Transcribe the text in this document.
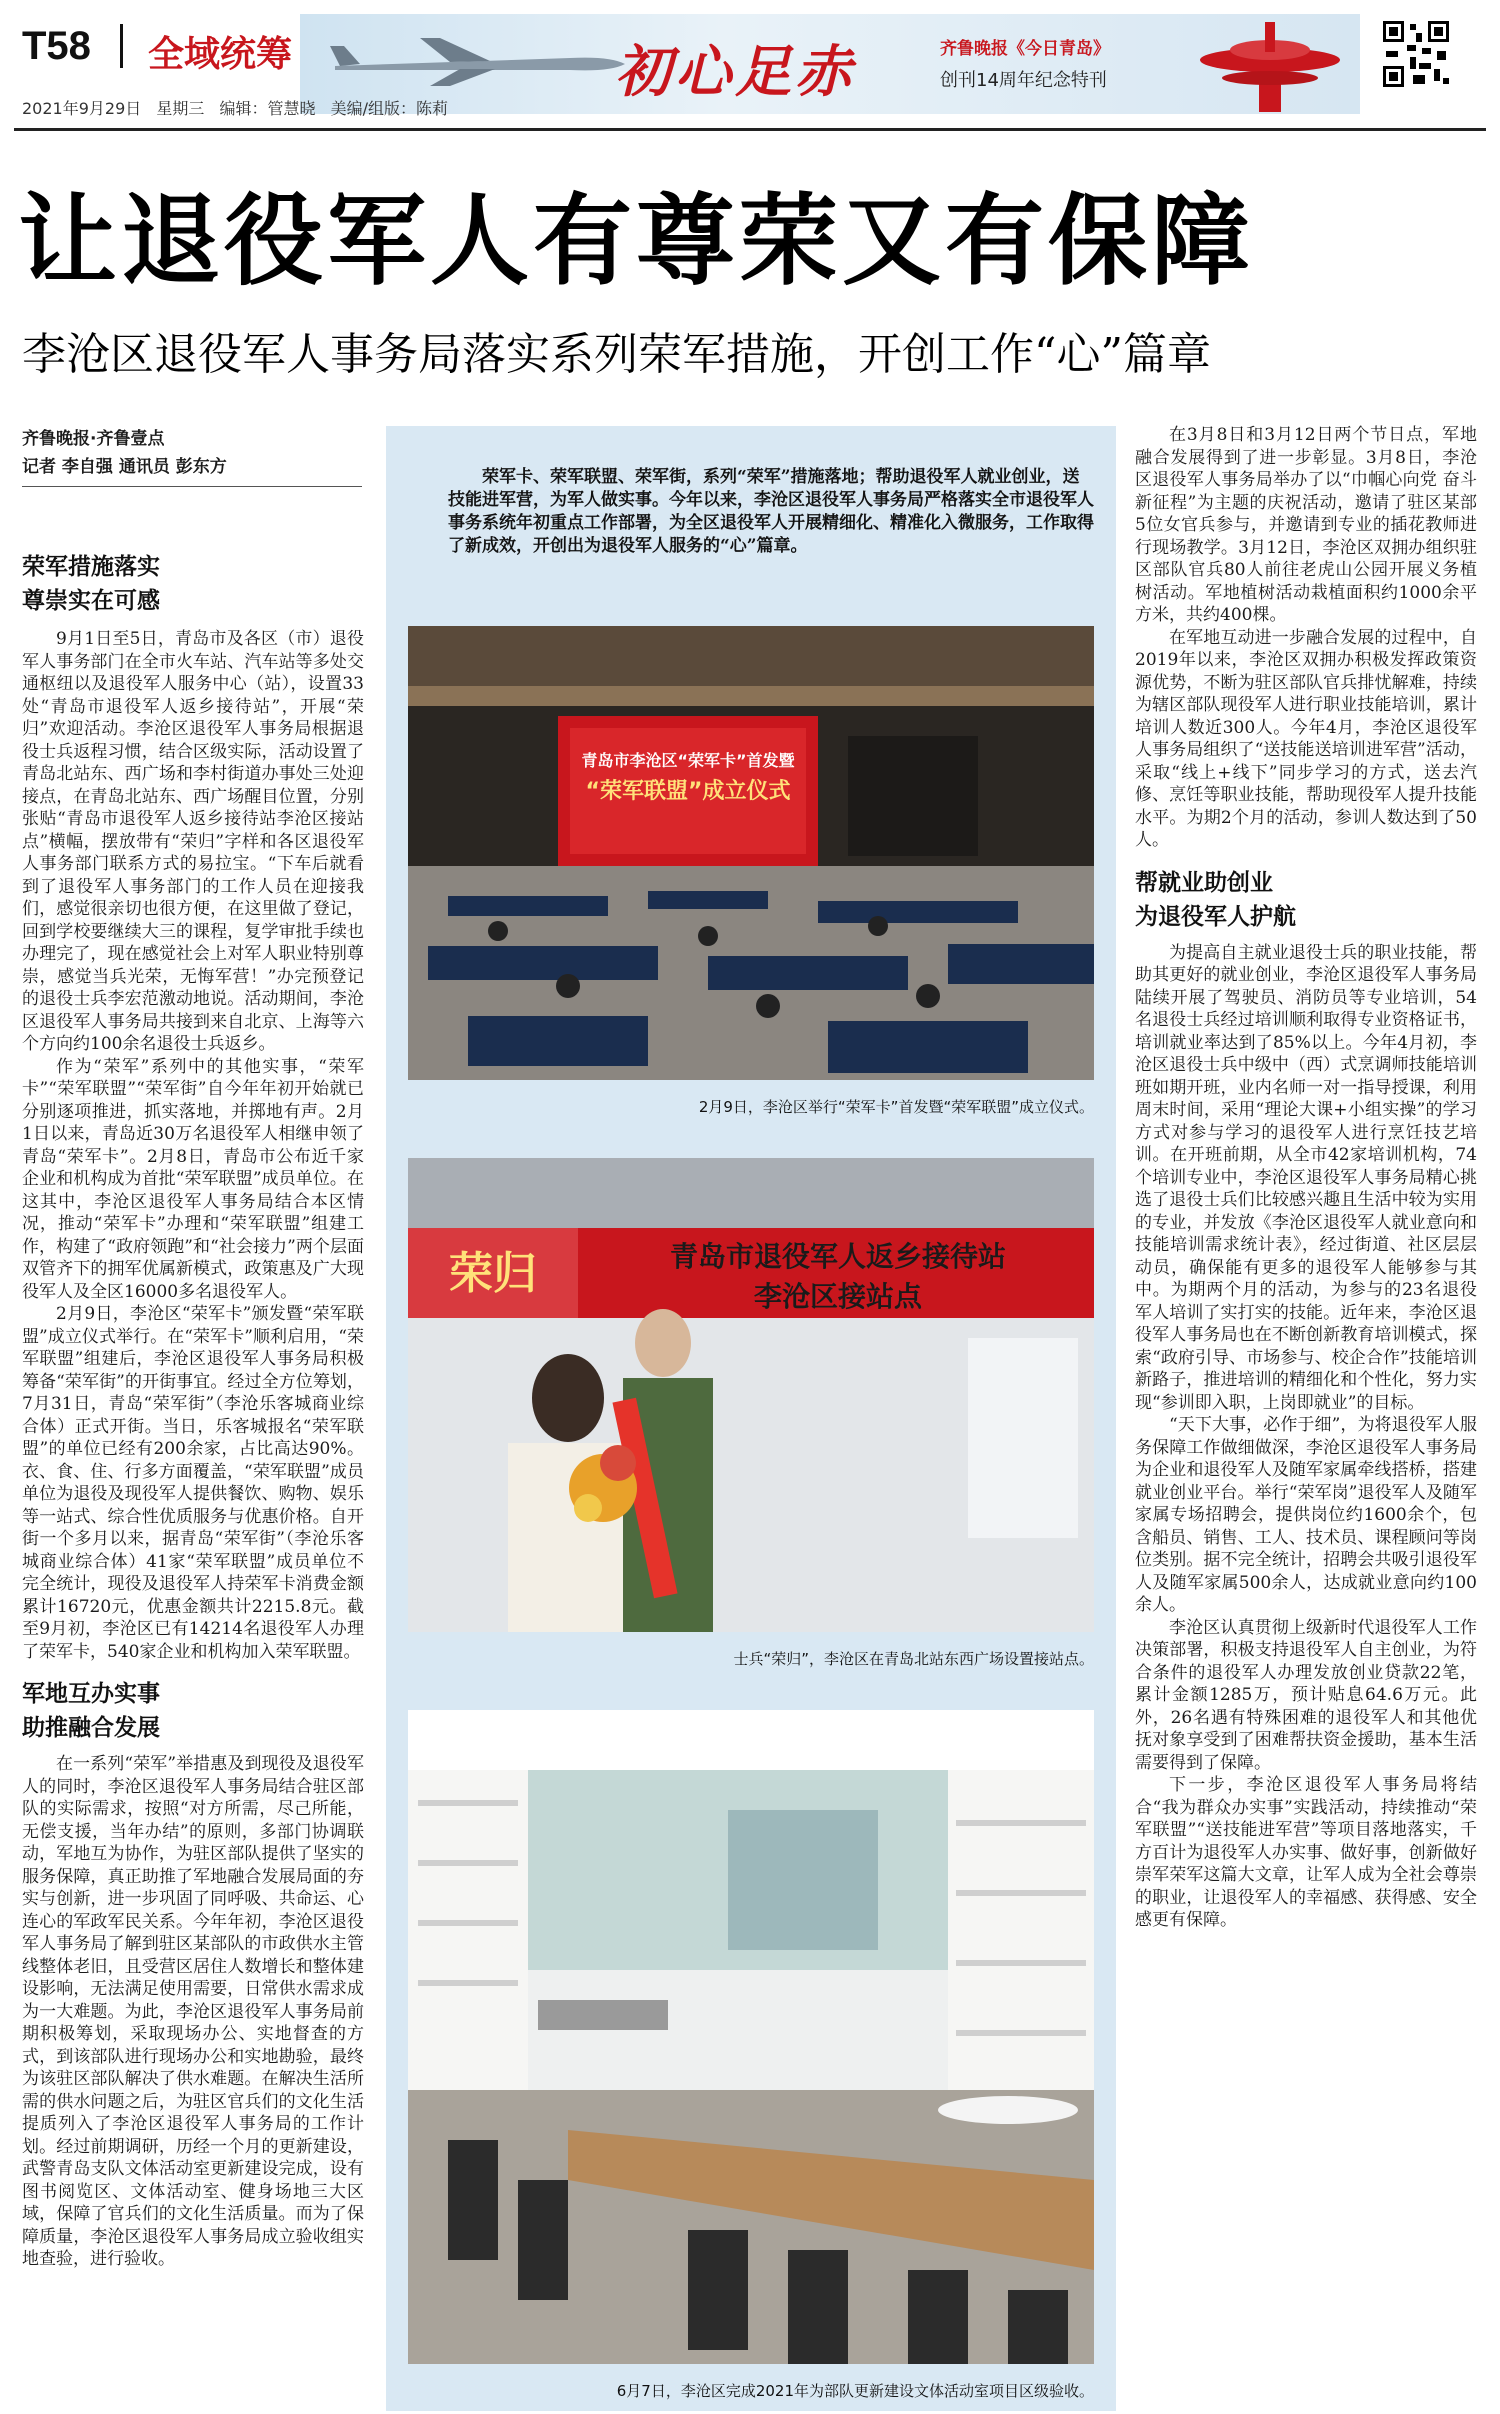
T58 全域统筹	初心足赤	齐鲁晚报《今日青岛》
创刊14周年纪念特刊
2021年9月29日 星期三 编辑：管慧晓 美编/组版：陈莉
让退役军人有尊荣又有保障
李沧区退役军人事务局落实系列荣军措施，开创工作“心”篇章
齐鲁晚报·齐鲁壹点
记者 李自强 通讯员 彭东方
荣军措施落实
尊崇实在可感

9月1日至5日，青岛市及各区（市）退役军人事务部门在全市火车站、汽车站等多处交通枢纽以及退役军人服务中心（站），设置33处“青岛市退役军人返乡接待站”，开展“荣归”欢迎活动。李沧区退役军人事务局根据退役士兵返程习惯，结合区级实际，活动设置了青岛北站东、西广场和李村街道办事处三处迎接点，在青岛北站东、西广场醒目位置，分别张贴“青岛市退役军人返乡接待站李沧区接站点”横幅，摆放带有“荣归”字样和各区退役军人事务部门联系方式的易拉宝。“下车后就看到了退役军人事务部门的工作人员在迎接我们，感觉很亲切也很方便，在这里做了登记，回到学校要继续大三的课程，复学审批手续也办理完了，现在感觉社会上对军人职业特别尊崇，感觉当兵光荣，无悔军营！”办完预登记的退役士兵李宏范激动地说。活动期间，李沧区退役军人事务局共接到来自北京、上海等六个方向约100余名退役士兵返乡。

作为“荣军”系列中的其他实事，“荣军卡”“荣军联盟”“荣军街”自今年年初开始就已分别逐项推进，抓实落地，并掷地有声。2月1日以来，青岛近30万名退役军人相继申领了青岛“荣军卡”。2月8日，青岛市公布近千家企业和机构成为首批“荣军联盟”成员单位。在这其中，李沧区退役军人事务局结合本区情况，推动“荣军卡”办理和“荣军联盟”组建工作，构建了“政府领跑”和“社会接力”两个层面双管齐下的拥军优属新模式，政策惠及广大现役军人及全区16000多名退役军人。

2月9日，李沧区“荣军卡”颁发暨“荣军联盟”成立仪式举行。在“荣军卡”顺利启用，“荣军联盟”组建后，李沧区退役军人事务局积极筹备“荣军街”的开街事宜。经过全方位筹划，7月31日，青岛“荣军街”（李沧乐客城商业综合体）正式开街。当日，乐客城报名“荣军联盟”的单位已经有200余家，占比高达90%。衣、食、住、行多方面覆盖，“荣军联盟”成员单位为退役及现役军人提供餐饮、购物、娱乐等一站式、综合性优质服务与优惠价格。自开街一个多月以来，据青岛“荣军街”（李沧乐客城商业综合体）41家“荣军联盟”成员单位不完全统计，现役及退役军人持荣军卡消费金额累计16720元，优惠金额共计2215.8元。截至9月初，李沧区已有14214名退役军人办理了荣军卡，540家企业和机构加入荣军联盟。

军地互办实事
助推融合发展

在一系列“荣军”举措惠及到现役及退役军人的同时，李沧区退役军人事务局结合驻区部队的实际需求，按照“对方所需，尽己所能，无偿支援，当年办结”的原则，多部门协调联动，军地互为协作，为驻区部队提供了坚实的服务保障，真正助推了军地融合发展局面的夯实与创新，进一步巩固了同呼吸、共命运、心连心的军政军民关系。今年年初，李沧区退役军人事务局了解到驻区某部队的市政供水主管线整体老旧，且受营区居住人数增长和整体建设影响，无法满足使用需要，日常供水需求成为一大难题。为此，李沧区退役军人事务局前期积极筹划，采取现场办公、实地督查的方式，到该部队进行现场办公和实地勘验，最终为该驻区部队解决了供水难题。在解决生活所需的供水问题之后，为驻区官兵们的文化生活提质列入了李沧区退役军人事务局的工作计划。经过前期调研，历经一个月的更新建设，武警青岛支队文体活动室更新建设完成，设有图书阅览区、文体活动室、健身场地三大区域，保障了官兵们的文化生活质量。而为了保障质量，李沧区退役军人事务局成立验收组实地查验，进行验收。

荣军卡、荣军联盟、荣军街，系列“荣军”措施落地；帮助退役军人就业创业，送技能进军营，为军人做实事。今年以来，李沧区退役军人事务局严格落实全市退役军人事务系统年初重点工作部署，为全区退役军人开展精细化、精准化入微服务，工作取得了新成效，开创出为退役军人服务的“心”篇章。
青岛市李沧区“荣军卡”首发暨
“荣军联盟”成立仪式
2月9日，李沧区举行“荣军卡”首发暨“荣军联盟”成立仪式。
荣归	青岛市退役军人返乡接待站
李沧区接站点
士兵“荣归”，李沧区在青岛北站东西广场设置接站点。
6月7日，李沧区完成2021年为部队更新建设文体活动室项目区级验收。

在3月8日和3月12日两个节日点，军地融合发展得到了进一步彰显。3月8日，李沧区退役军人事务局举办了以“巾帼心向党 奋斗新征程”为主题的庆祝活动，邀请了驻区某部5位女官兵参与，并邀请到专业的插花教师进行现场教学。3月12日，李沧区双拥办组织驻区部队官兵80人前往老虎山公园开展义务植树活动。军地植树活动栽植面积约1000余平方米，共约400棵。

在军地互动进一步融合发展的过程中，自2019年以来，李沧区双拥办积极发挥政策资源优势，不断为驻区部队官兵排忧解难，持续为辖区部队现役军人进行职业技能培训，累计培训人数近300人。今年4月，李沧区退役军人事务局组织了“送技能送培训进军营”活动，采取“线上+线下”同步学习的方式，送去汽修、烹饪等职业技能，帮助现役军人提升技能水平。为期2个月的活动，参训人数达到了50人。

帮就业助创业
为退役军人护航

为提高自主就业退役士兵的职业技能，帮助其更好的就业创业，李沧区退役军人事务局陆续开展了驾驶员、消防员等专业培训，54名退役士兵经过培训顺利取得专业资格证书，培训就业率达到了85%以上。今年4月初，李沧区退役士兵中级中（西）式烹调师技能培训班如期开班，业内名师一对一指导授课，利用周末时间，采用“理论大课+小组实操”的学习方式对参与学习的退役军人进行烹饪技艺培训。在开班前期，从全市42家培训机构，74个培训专业中，李沧区退役军人事务局精心挑选了退役士兵们比较感兴趣且生活中较为实用的专业，并发放《李沧区退役军人就业意向和技能培训需求统计表》，经过街道、社区层层动员，确保能有更多的退役军人能够参与其中。为期两个月的活动，为参与的23名退役军人培训了实打实的技能。近年来，李沧区退役军人事务局也在不断创新教育培训模式，探索“政府引导、市场参与、校企合作”技能培训新路子，推进培训的精细化和个性化，努力实现“参训即入职，上岗即就业”的目标。

“天下大事，必作于细”，为将退役军人服务保障工作做细做深，李沧区退役军人事务局为企业和退役军人及随军家属牵线搭桥，搭建就业创业平台。举行“荣军岗”退役军人及随军家属专场招聘会，提供岗位约1600余个，包含船员、销售、工人、技术员、课程顾问等岗位类别。据不完全统计，招聘会共吸引退役军人及随军家属500余人，达成就业意向约100余人。

李沧区认真贯彻上级新时代退役军人工作决策部署，积极支持退役军人自主创业，为符合条件的退役军人办理发放创业贷款22笔，累计金额1285万，预计贴息64.6万元。此外，26名遇有特殊困难的退役军人和其他优抚对象享受到了困难帮扶资金援助，基本生活需要得到了保障。

下一步，李沧区退役军人事务局将结合“我为群众办实事”实践活动，持续推动“荣军联盟”“送技能进军营”等项目落地落实，千方百计为退役军人办实事、做好事，创新做好崇军荣军这篇大文章，让军人成为全社会尊崇的职业，让退役军人的幸福感、获得感、安全感更有保障。
